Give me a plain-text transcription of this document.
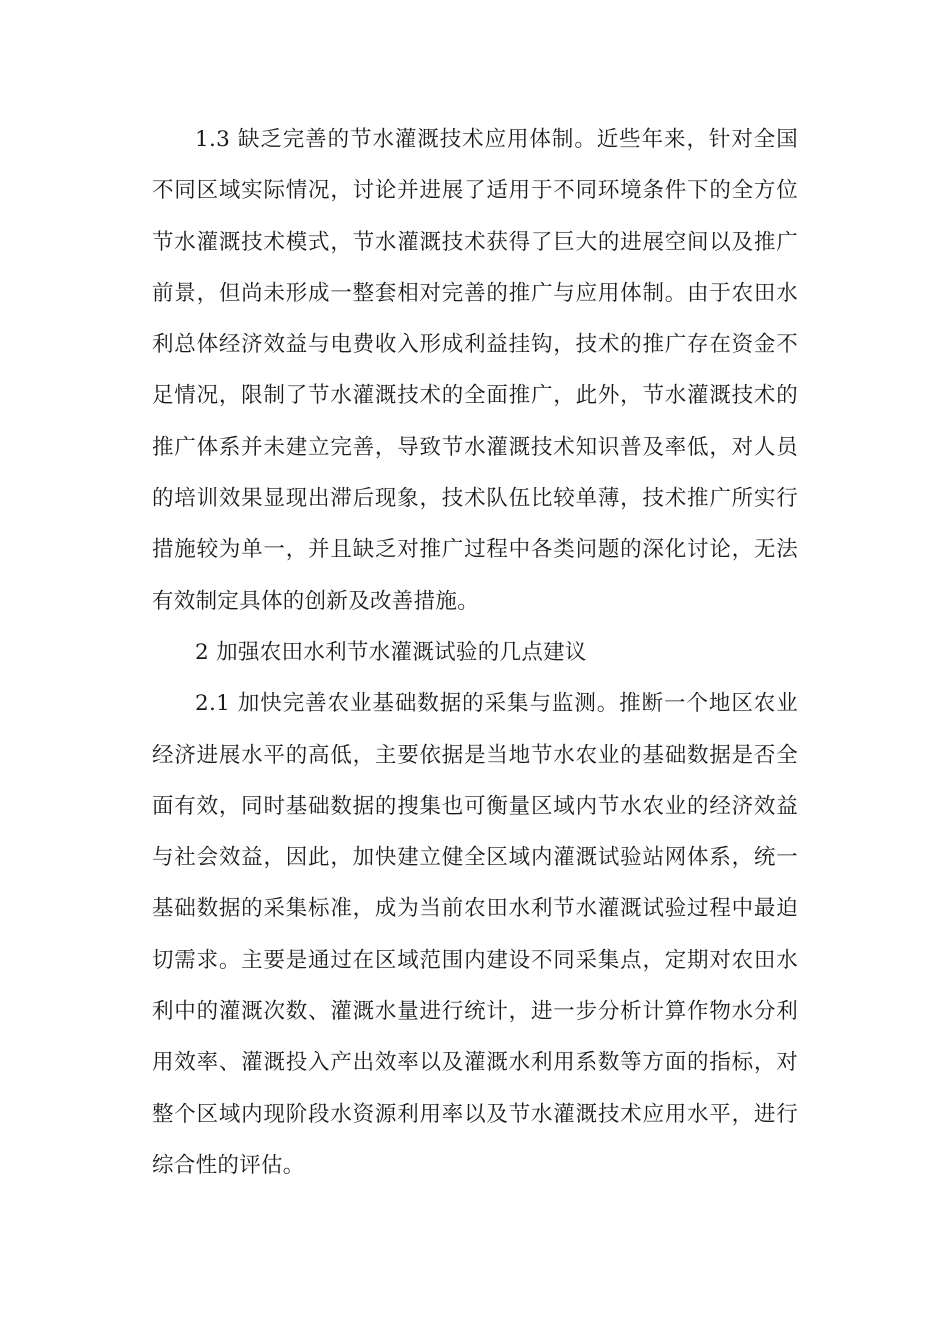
1.3 缺乏完善的节水灌溉技术应用体制。近些年来，针对全国不同区域实际情况，讨论并进展了适用于不同环境条件下的全方位节水灌溉技术模式，节水灌溉技术获得了巨大的进展空间以及推广前景，但尚未形成一整套相对完善的推广与应用体制。由于农田水利总体经济效益与电费收入形成利益挂钩，技术的推广存在资金不足情况，限制了节水灌溉技术的全面推广，此外，节水灌溉技术的推广体系并未建立完善，导致节水灌溉技术知识普及率低，对人员的培训效果显现出滞后现象，技术队伍比较单薄，技术推广所实行措施较为单一，并且缺乏对推广过程中各类问题的深化讨论，无法有效制定具体的创新及改善措施。

2 加强农田水利节水灌溉试验的几点建议

2.1 加快完善农业基础数据的采集与监测。推断一个地区农业经济进展水平的高低，主要依据是当地节水农业的基础数据是否全面有效，同时基础数据的搜集也可衡量区域内节水农业的经济效益与社会效益，因此，加快建立健全区域内灌溉试验站网体系，统一基础数据的采集标准，成为当前农田水利节水灌溉试验过程中最迫切需求。主要是通过在区域范围内建设不同采集点，定期对农田水利中的灌溉次数、灌溉水量进行统计，进一步分析计算作物水分利用效率、灌溉投入产出效率以及灌溉水利用系数等方面的指标，对整个区域内现阶段水资源利用率以及节水灌溉技术应用水平，进行综合性的评估。
